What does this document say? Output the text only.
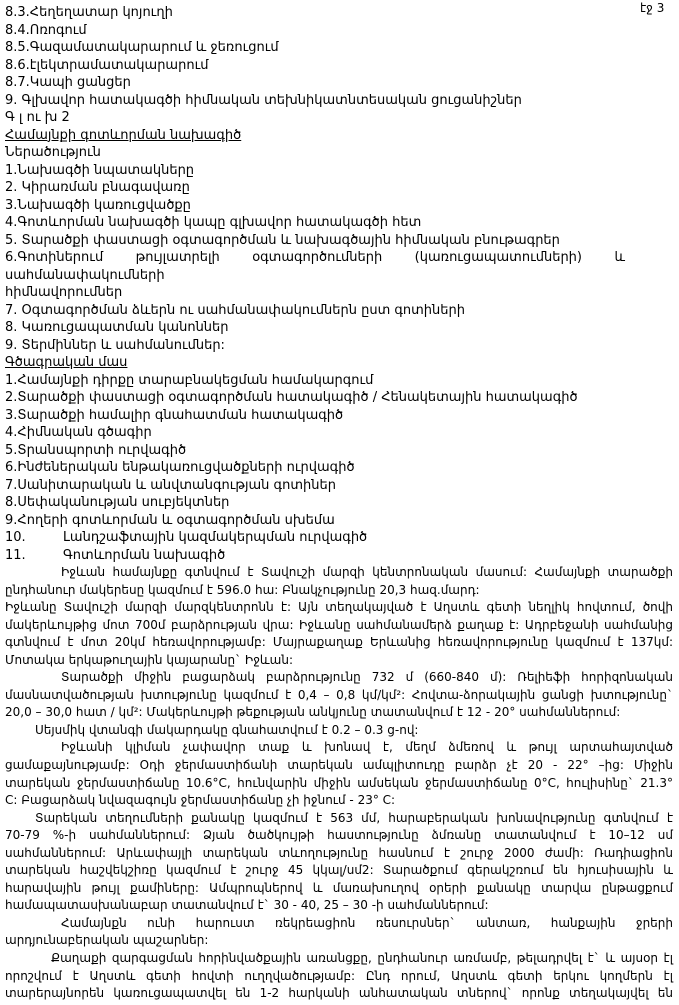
էջ 3
8.3.Հեղեղատար կոյուղի
8.4.Ոռոգում
8.5.Գազամատակարարում և ջեռուցում
8.6.էլեկտրամատակարարում
8.7.Կապի ցանցեր
9. Գլխավոր հատակագծի հիմնական տեխնիկատնտեսական ցուցանիշներ
Գ լ ու խ 2
Համայնքի գոտևորման նախագիծ
Ներածություն
1.Նախագծի նպատակները
2. Կիրառման բնագավառը
3.Նախագծի կառուցվածքը
4.Գոտևորման նախագծի կապը գլխավոր հատակագծի հետ
5. Տարածքի փաստացի օգտագործման և նախագծային հիմնական բնութագրեր
6.Գոտիներում թույլատրելի օգտագործումների (կառուցապատումների) և սահմանափակումների
հիմնավորումներ
7. Օգտագործման ձևերն ու սահմանափակումներն ըստ գոտիների
8. Կառուցապատման կանոններ
9. Տերմիններ և սահմանումներ:
Գծագրական մաս
1.Համայնքի դիրքը տարաբնակեցման համակարգում
2.Տարածքի փաստացի օգտագործման հատակագիծ / Հենակետային հատակագիծ
3.Տարածքի համալիր գնահատման հատակագիծ
4.Հիմնական գծագիր
5.Տրանսպորտի ուրվագիծ
6.Ինժեներական ենթակառուցվածքների ուրվագիծ
7.Սանիտարական և անվտանգության գոտիներ
8.Սեփականության սուբյեկտներ
9.Հողերի գոտևորման և օգտագործման սխեմա
10.	Լանդշաֆտային կազմակերպման ուրվագիծ
11.	Գոտևորման նախագիծ
Իջևան համայնքը գտնվում է Տավուշի մարզի կենտրոնական մասում: Համայնքի տարածքի
ընդհանուր մակերեսը կազմում է 596.0 հա: Բնակչությունը 20,3 հազ.մարդ:
Իջևանը Տավուշի մարզի մարզկենտրոնն է: Այն տեղակայված է Աղստև գետի նեղլիկ հովտում, ծովի
մակերևույթից մոտ 700մ բարձրության վրա: Իջևանը սահմանամերձ քաղաք է: Ադրբեջանի սահմանից
գտնվում է մոտ 20կմ հեռավորությամբ: Մայրաքաղաք Երևանից հեռավորությունը կազմում է 137կմ:
Մոտակա երկաթուղային կայարանը` Իջևան:
Տարածքի միջին բացարձակ բարձրությունը 732 մ (660-840 մ): Ռելիեֆի հորիզոնական
մասնատվածության խտությունը կազմում է 0,4 – 0,8 կմ/կմ²: Հովտա-ձորակային ցանցի խտությունը`
20,0 – 30,0 հատ / կմ²: Մակերևույթի թեքության անկյունը տատանվում է 12 - 20° սահմաններում:
Սեյսմիկ վտանգի մակարդակը գնահատվում է 0.2 – 0.3 g-ով:
Իջևանի կլիման չափավոր տաք և խոնավ է, մեղմ ձմեռով և թույլ արտահայտված
ցամաքայնությամբ: Օդի ջերմաստիճանի տարեկան ամպլիտուդը բարձր չէ 20 - 22° –ից: Միջին
տարեկան ջերմաստիճանը 10.6°C, հունվարին միջին ամսեկան ջերմաստիճանը 0°C, հուլիսինը` 21.3°
C: Բացարձակ նվազագույն ջերմաստիճանը չի իջնում - 23° C:
Տարեկան տեղումների քանակը կազմում է 563 մմ, հարաբերական խոնավությունը գտնվում է
70-79 %-ի սահմաններում: Ձյան ծածկույթի հաստությունը ձմռանը տատանվում է 10–12 սմ
սահմաններում: Արևափայլի տարեկան տևողությունը հասնում է շուրջ 2000 ժամի: Ռադիացիոն
տարեկան հաշվեկշիռը կազմում է շուրջ 45 կկալ/սմ2: Տարածքում գերակշռում են հյուսիսային և
հարավային թույլ քամիները: Ամպրոպներով և մառախուղով օրերի քանակը տարվա ընթացքում
համապատասխանաբար տատանվում է` 30 - 40, 25 – 30 -ի սահմաններում:
Համայնքն ունի հարուստ ռեկրեացիոն ռեսուրսներ` անտառ, հանքային ջրերի
արդյունաբերական պաշարներ:
Քաղաքի զարգացման հորինվածքային առանցքը, ընդհանուր առմամբ, թելադրվել է` և այսօր էլ
որոշվում է Աղստև գետի հովտի ուղղվածությամբ: Ընդ որում, Աղստև գետի երկու կողմերն էլ
տարերայնորեն կառուցապատվել են 1-2 հարկանի անհատական տներով` որոնք տեղակայվել են
